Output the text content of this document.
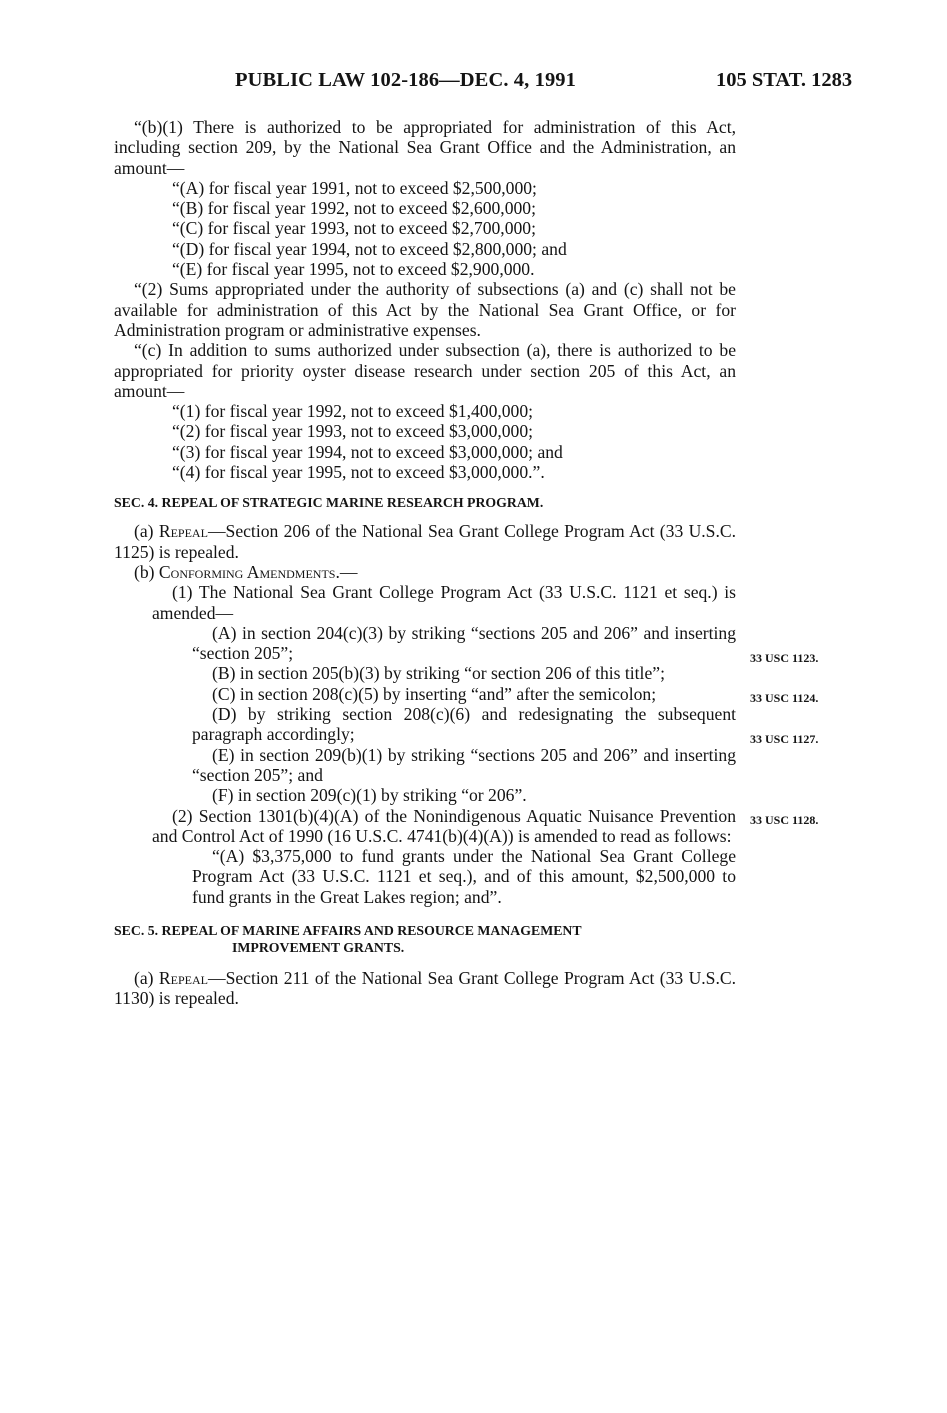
PUBLIC LAW 102-186—DEC. 4, 1991	105 STAT. 1283

“(b)(1) There is authorized to be appropriated for administration of this Act, including section 209, by the National Sea Grant Office and the Administration, an amount—

“(A) for fiscal year 1991, not to exceed $2,500,000;

“(B) for fiscal year 1992, not to exceed $2,600,000;

“(C) for fiscal year 1993, not to exceed $2,700,000;

“(D) for fiscal year 1994, not to exceed $2,800,000; and

“(E) for fiscal year 1995, not to exceed $2,900,000.

“(2) Sums appropriated under the authority of subsections (a) and (c) shall not be available for administration of this Act by the National Sea Grant Office, or for Administration program or administrative expenses.

“(c) In addition to sums authorized under subsection (a), there is authorized to be appropriated for priority oyster disease research under section 205 of this Act, an amount—

“(1) for fiscal year 1992, not to exceed $1,400,000;

“(2) for fiscal year 1993, not to exceed $3,000,000;

“(3) for fiscal year 1994, not to exceed $3,000,000; and

“(4) for fiscal year 1995, not to exceed $3,000,000.”.

SEC. 4. REPEAL OF STRATEGIC MARINE RESEARCH PROGRAM.

(a) Repeal—Section 206 of the National Sea Grant College Program Act (33 U.S.C. 1125) is repealed.

(b) Conforming Amendments.—

(1) The National Sea Grant College Program Act (33 U.S.C. 1121 et seq.) is amended—

(A) in section 204(c)(3) by striking “sections 205 and 206” and inserting “section 205”;

(B) in section 205(b)(3) by striking “or section 206 of this title”;

(C) in section 208(c)(5) by inserting “and” after the semicolon;

(D) by striking section 208(c)(6) and redesignating the subsequent paragraph accordingly;

(E) in section 209(b)(1) by striking “sections 205 and 206” and inserting “section 205”; and

(F) in section 209(c)(1) by striking “or 206”.

(2) Section 1301(b)(4)(A) of the Nonindigenous Aquatic Nuisance Prevention and Control Act of 1990 (16 U.S.C. 4741(b)(4)(A)) is amended to read as follows:

“(A) $3,375,000 to fund grants under the National Sea Grant College Program Act (33 U.S.C. 1121 et seq.), and of this amount, $2,500,000 to fund grants in the Great Lakes region; and”.

SEC. 5. REPEAL OF MARINE AFFAIRS AND RESOURCE MANAGEMENT
IMPROVEMENT GRANTS.

(a) Repeal—Section 211 of the National Sea Grant College Program Act (33 U.S.C. 1130) is repealed.

33 USC 1123.
33 USC 1124.
33 USC 1127.
33 USC 1128.
